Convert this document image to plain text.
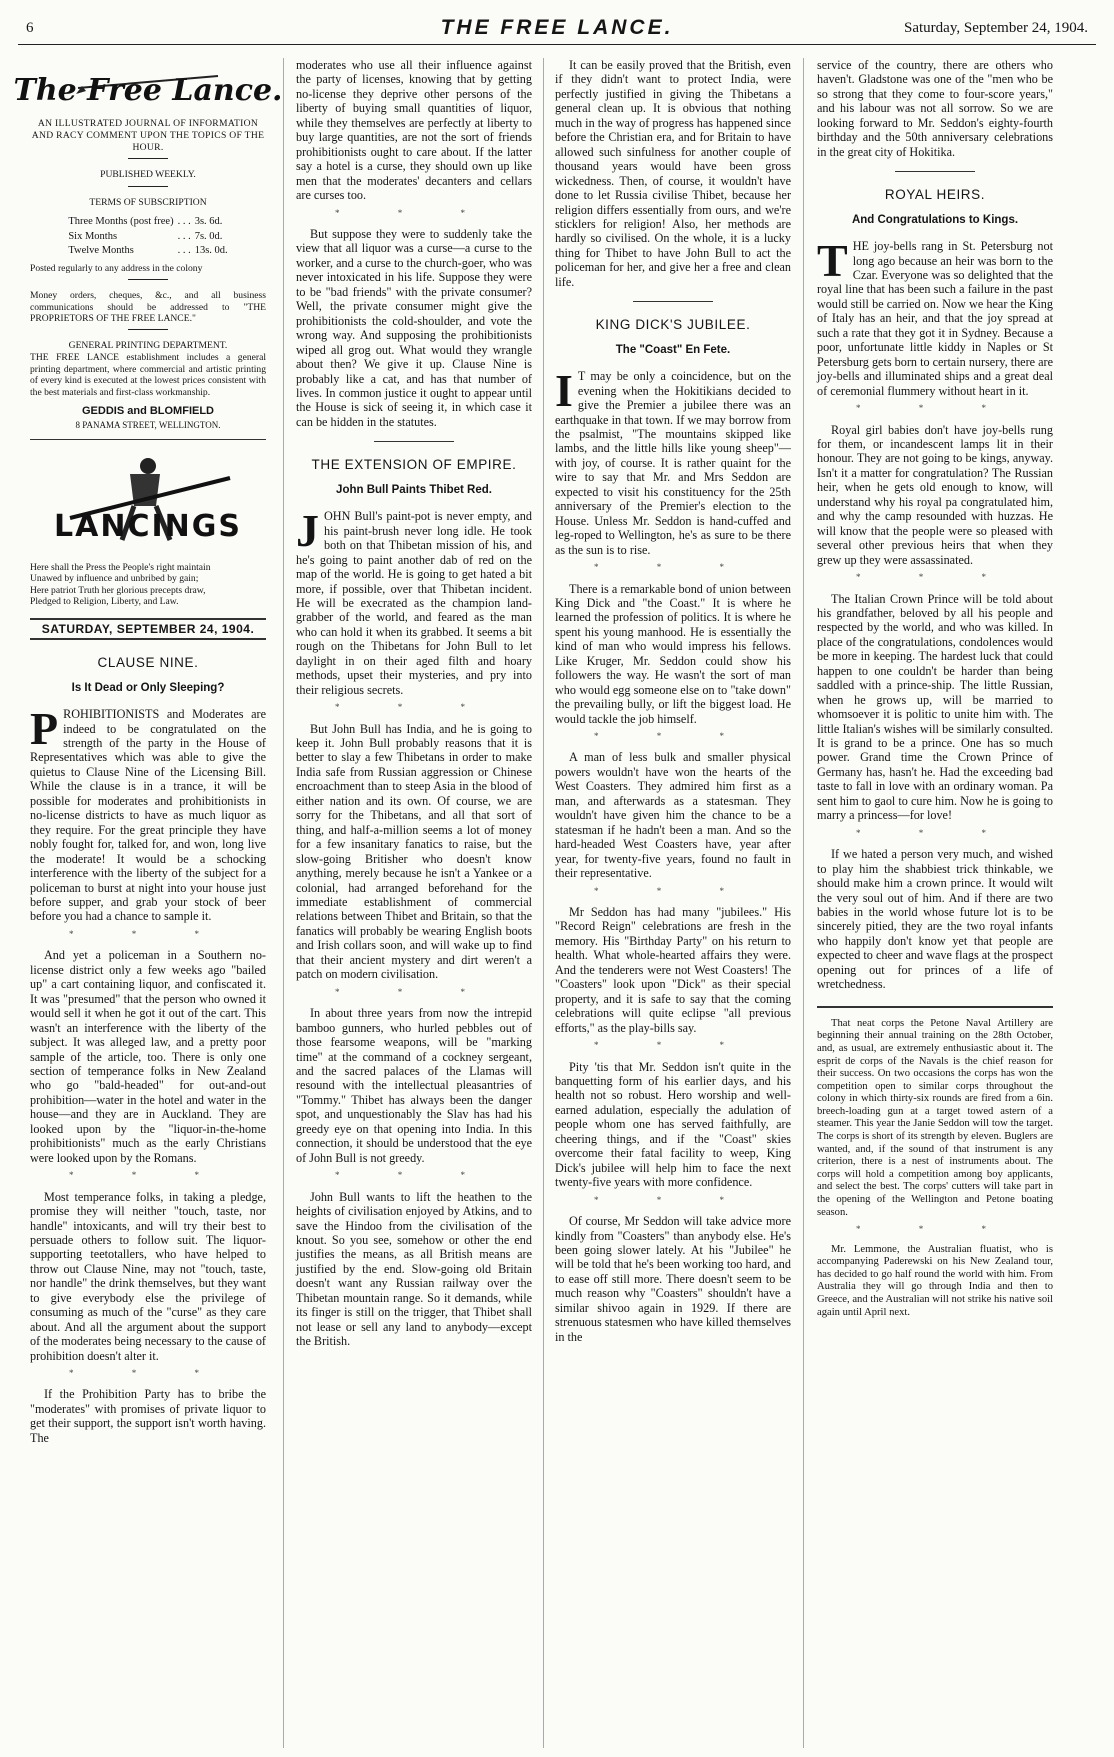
6	THE FREE LANCE.	Saturday, September 24, 1904.
The Free Lance.
AN ILLUSTRATED JOURNAL OF INFORMATION AND RACY COMMENT UPON THE TOPICS OF THE HOUR.
PUBLISHED WEEKLY.
TERMS OF SUBSCRIPTION
Three Months (post free)	. . .	3s. 6d.
Six Months	. . .	7s. 0d.
Twelve Months	. . .	13s. 0d.
Posted regularly to any address in the colony
Money orders, cheques, &c., and all business communications should be addressed to "THE PROPRIETORS OF THE FREE LANCE."
GENERAL PRINTING DEPARTMENT.
THE FREE LANCE establishment includes a general printing department, where commercial and artistic printing of every kind is executed at the lowest prices consistent with the best materials and first-class workmanship.
GEDDIS and BLOMFIELD
8 PANAMA STREET, WELLINGTON.
LANCINGS
Here shall the Press the People's right maintain
Unawed by influence and unbribed by gain;
Here patriot Truth her glorious precepts draw,
Pledged to Religion, Liberty, and Law.
SATURDAY, SEPTEMBER 24, 1904.
CLAUSE NINE.
Is It Dead or Only Sleeping?

PROHIBITIONISTS and Moderates are indeed to be congratulated on the strength of the party in the House of Representatives which was able to give the quietus to Clause Nine of the Licensing Bill. While the clause is in a trance, it will be possible for moderates and prohibitionists in no-license districts to have as much liquor as they require. For the great principle they have nobly fought for, talked for, and won, long live the moderate! It would be a schocking interference with the liberty of the subject for a policeman to burst at night into your house just before supper, and grab your stock of beer before you had a chance to sample it.

* * *

And yet a policeman in a Southern no-license district only a few weeks ago "bailed up" a cart containing liquor, and confiscated it. It was "presumed" that the person who owned it would sell it when he got it out of the cart. This wasn't an interference with the liberty of the subject. It was alleged law, and a pretty poor sample of the article, too. There is only one section of temperance folks in New Zealand who go "bald-headed" for out-and-out prohibition—water in the hotel and water in the house—and they are in Auckland. They are looked upon by the "liquor-in-the-home prohibitionists" much as the early Christians were looked upon by the Romans.

* * *

Most temperance folks, in taking a pledge, promise they will neither "touch, taste, nor handle" intoxicants, and will try their best to persuade others to follow suit. The liquor-supporting teetotallers, who have helped to throw out Clause Nine, may not "touch, taste, nor handle" the drink themselves, but they want to give everybody else the privilege of consuming as much of the "curse" as they care about. And all the argument about the support of the moderates being necessary to the cause of prohibition doesn't alter it.

* * *

If the Prohibition Party has to bribe the "moderates" with promises of private liquor to get their support, the support isn't worth having. The

moderates who use all their influence against the party of licenses, knowing that by getting no-license they deprive other persons of the liberty of buying small quantities of liquor, while they themselves are perfectly at liberty to buy large quantities, are not the sort of friends prohibitionists ought to care about. If the latter say a hotel is a curse, they should own up like men that the moderates' decanters and cellars are curses too.

* * *

But suppose they were to suddenly take the view that all liquor was a curse—a curse to the worker, and a curse to the church-goer, who was never intoxicated in his life. Suppose they were to be "bad friends" with the private consumer? Well, the private consumer might give the prohibitionists the cold-shoulder, and vote the wrong way. And supposing the prohibitionists wiped all grog out. What would they wrangle about then? We give it up. Clause Nine is probably like a cat, and has that number of lives. In common justice it ought to appear until the House is sick of seeing it, in which case it can be hidden in the statutes.

THE EXTENSION OF EMPIRE.
John Bull Paints Thibet Red.

JOHN Bull's paint-pot is never empty, and his paint-brush never long idle. He took both on that Thibetan mission of his, and he's going to paint another dab of red on the map of the world. He is going to get hated a bit more, if possible, over that Thibetan incident. He will be execrated as the champion land-grabber of the world, and feared as the man who can hold it when its grabbed. It seems a bit rough on the Thibetans for John Bull to let daylight in on their aged filth and hoary methods, upset their mysteries, and pry into their religious secrets.

* * *

But John Bull has India, and he is going to keep it. John Bull probably reasons that it is better to slay a few Thibetans in order to make India safe from Russian aggression or Chinese encroachment than to steep Asia in the blood of either nation and its own. Of course, we are sorry for the Thibetans, and all that sort of thing, and half-a-million seems a lot of money for a few insanitary fanatics to raise, but the slow-going Britisher who doesn't know anything, merely because he isn't a Yankee or a colonial, had arranged beforehand for the immediate establishment of commercial relations between Thibet and Britain, so that the fanatics will probably be wearing English boots and Irish collars soon, and will wake up to find that their ancient mystery and dirt weren't a patch on modern civilisation.

* * *

In about three years from now the intrepid bamboo gunners, who hurled pebbles out of those fearsome weapons, will be "marking time" at the command of a cockney sergeant, and the sacred palaces of the Llamas will resound with the intellectual pleasantries of "Tommy." Thibet has always been the danger spot, and unquestionably the Slav has had his greedy eye on that opening into India. In this connection, it should be understood that the eye of John Bull is not greedy.

* * *

John Bull wants to lift the heathen to the heights of civilisation enjoyed by Atkins, and to save the Hindoo from the civilisation of the knout. So you see, somehow or other the end justifies the means, as all British means are justified by the end. Slow-going old Britain doesn't want any Russian railway over the Thibetan mountain range. So it demands, while its finger is still on the trigger, that Thibet shall not lease or sell any land to anybody—except the British.

It can be easily proved that the British, even if they didn't want to protect India, were perfectly justified in giving the Thibetans a general clean up. It is obvious that nothing much in the way of progress has happened since before the Christian era, and for Britain to have allowed such sinfulness for another couple of thousand years would have been gross wickedness. Then, of course, it wouldn't have done to let Russia civilise Thibet, because her religion differs essentially from ours, and we're sticklers for religion! Also, her methods are hardly so civilised. On the whole, it is a lucky thing for Thibet to have John Bull to act the policeman for her, and give her a free and clean life.

KING DICK'S JUBILEE.
The "Coast" En Fete.

I T may be only a coincidence, but on the evening when the Hokitikians decided to give the Premier a jubilee there was an earthquake in that town. If we may borrow from the psalmist, "The mountains skipped like lambs, and the little hills like young sheep"—with joy, of course. It is rather quaint for the wire to say that Mr. and Mrs Seddon are expected to visit his constituency for the 25th anniversary of the Premier's election to the House. Unless Mr. Seddon is hand-cuffed and leg-roped to Wellington, he's as sure to be there as the sun is to rise.

* * *

There is a remarkable bond of union between King Dick and "the Coast." It is where he learned the profession of politics. It is where he spent his young manhood. He is essentially the kind of man who would impress his fellows. Like Kruger, Mr. Seddon could show his followers the way. He wasn't the sort of man who would egg someone else on to "take down" the prevailing bully, or lift the biggest load. He would tackle the job himself.

* * *

A man of less bulk and smaller physical powers wouldn't have won the hearts of the West Coasters. They admired him first as a man, and afterwards as a statesman. They wouldn't have given him the chance to be a statesman if he hadn't been a man. And so the hard-headed West Coasters have, year after year, for twenty-five years, found no fault in their representative.

* * *

Mr Seddon has had many "jubilees." His "Record Reign" celebrations are fresh in the memory. His "Birthday Party" on his return to health. What whole-hearted affairs they were. And the tenderers were not West Coasters! The "Coasters" look upon "Dick" as their special property, and it is safe to say that the coming celebrations will quite eclipse "all previous efforts," as the play-bills say.

* * *

Pity 'tis that Mr. Seddon isn't quite in the banquetting form of his earlier days, and his health not so robust. Hero worship and well-earned adulation, especially the adulation of people whom one has served faithfully, are cheering things, and if the "Coast" skies overcome their fatal facility to weep, King Dick's jubilee will help him to face the next twenty-five years with more confidence.

* * *

Of course, Mr Seddon will take advice more kindly from "Coasters" than anybody else. He's been going slower lately. At his "Jubilee" he will be told that he's been working too hard, and to ease off still more. There doesn't seem to be much reason why "Coasters" shouldn't have a similar shivoo again in 1929. If there are strenuous statesmen who have killed themselves in the

service of the country, there are others who haven't. Gladstone was one of the "men who be so strong that they come to four-score years," and his labour was not all sorrow. So we are looking forward to Mr. Seddon's eighty-fourth birthday and the 50th anniversary celebrations in the great city of Hokitika.

ROYAL HEIRS.
And Congratulations to Kings.

THE joy-bells rang in St. Petersburg not long ago because an heir was born to the Czar. Everyone was so delighted that the royal line that has been such a failure in the past would still be carried on. Now we hear the King of Italy has an heir, and that the joy spread at such a rate that they got it in Sydney. Because a poor, unfortunate little kiddy in Naples or St Petersburg gets born to certain nursery, there are joy-bells and illuminated ships and a great deal of ceremonial flummery without heart in it.

* * *

Royal girl babies don't have joy-bells rung for them, or incandescent lamps lit in their honour. They are not going to be kings, anyway. Isn't it a matter for congratulation? The Russian heir, when he gets old enough to know, will understand why his royal pa congratulated him, and why the camp resounded with huzzas. He will know that the people were so pleased with several other previous heirs that when they grew up they were assassinated.

* * *

The Italian Crown Prince will be told about his grandfather, beloved by all his people and respected by the world, and who was killed. In place of the congratulations, condolences would be more in keeping. The hardest luck that could happen to one couldn't be harder than being saddled with a prince-ship. The little Russian, when he grows up, will be married to whomsoever it is politic to unite him with. The little Italian's wishes will be similarly consulted. It is grand to be a prince. One has so much power. Grand time the Crown Prince of Germany has, hasn't he. Had the exceeding bad taste to fall in love with an ordinary woman. Pa sent him to gaol to cure him. Now he is going to marry a princess—for love!

* * *

If we hated a person very much, and wished to play him the shabbiest trick thinkable, we should make him a crown prince. It would wilt the very soul out of him. And if there are two babies in the world whose future lot is to be sincerely pitied, they are the two royal infants who happily don't know yet that people are expected to cheer and wave flags at the prospect opening out for princes of a life of wretchedness.

That neat corps the Petone Naval Artillery are beginning their annual training on the 28th October, and, as usual, are extremely enthusiastic about it. The esprit de corps of the Navals is the chief reason for their success. On two occasions the corps has won the competition open to similar corps throughout the colony in which thirty-six rounds are fired from a 6in. breech-loading gun at a target towed astern of a steamer. This year the Janie Seddon will tow the target. The corps is short of its strength by eleven. Buglers are wanted, and, if the sound of that instrument is any criterion, there is a nest of instruments about. The corps will hold a competition among boy applicants, and select the best. The corps' cutters will take part in the opening of the Wellington and Petone boating season.

* * *

Mr. Lemmone, the Australian fluatist, who is accompanying Paderewski on his New Zealand tour, has decided to go half round the world with him. From Australia they will go through India and then to Greece, and the Australian will not strike his native soil again until April next.
